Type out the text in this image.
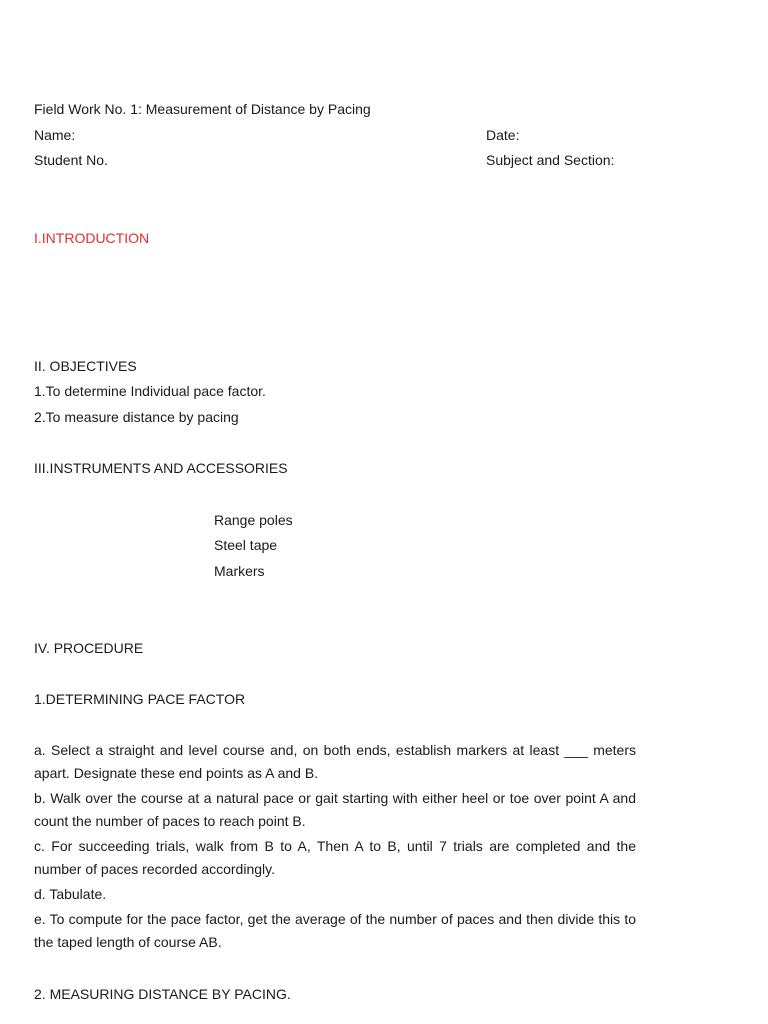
Field Work No. 1: Measurement of Distance by Pacing
Name:	Date:
Student No.	Subject and Section:
I.INTRODUCTION
II. OBJECTIVES
1.To determine Individual pace factor.
2.To measure distance by pacing
III.INSTRUMENTS AND ACCESSORIES
Range poles
Steel tape
Markers
IV. PROCEDURE
1.DETERMINING PACE FACTOR
a. Select a straight and level course and, on both ends, establish markers at least ___ meters apart. Designate these end points as A and B.
b. Walk over the course at a natural pace or gait starting with either heel or toe over point A and count the number of paces to reach point B.
c. For succeeding trials, walk from B to A, Then A to B, until 7 trials are completed and the number of paces recorded accordingly.
d. Tabulate.
e. To compute for the pace factor, get the average of the number of paces and then divide this to the taped length of course AB.
2. MEASURING DISTANCE BY PACING.
